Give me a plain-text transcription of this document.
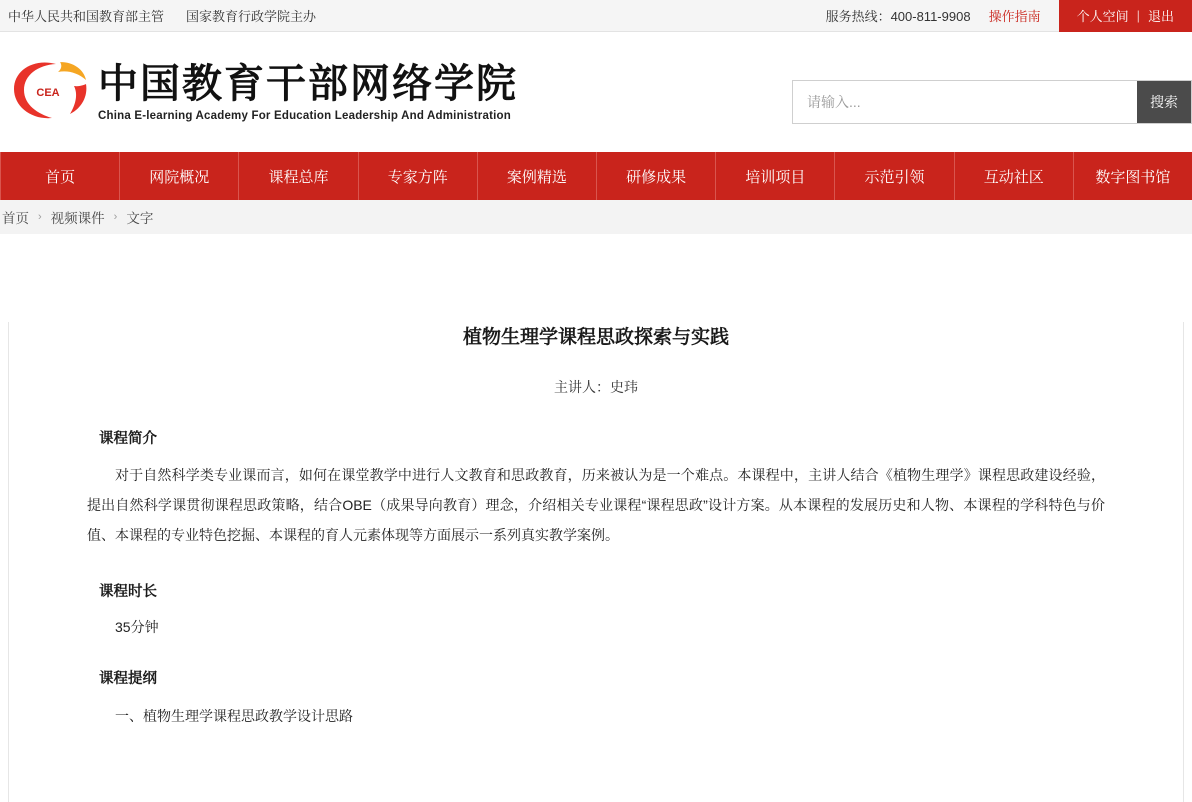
中华人民共和国教育部主管 国家教育行政学院主办	服务热线：400-811-9908 操作指南	个人空间 | 退出
CEA 中国教育干部网络学院
China E-learning Academy For Education Leadership And Administration
请输入...
搜索
首页	网院概况	课程总库	专家方阵	案例精选	研修成果	培训项目	示范引领	互动社区	数字图书馆
首页 › 视频课件 › 文字
植物生理学课程思政探索与实践
主讲人：史玮
课程简介
对于自然科学类专业课而言，如何在课堂教学中进行人文教育和思政教育，历来被认为是一个难点。本课程中，主讲人结合《植物生理学》课程思政建设经验，提出自然科学课贯彻课程思政策略，结合OBE（成果导向教育）理念，介绍相关专业课程“课程思政”设计方案。从本课程的发展历史和人物、本课程的学科特色与价值、本课程的专业特色挖掘、本课程的育人元素体现等方面展示一系列真实教学案例。
课程时长
35分钟
课程提纲
一、植物生理学课程思政教学设计思路
